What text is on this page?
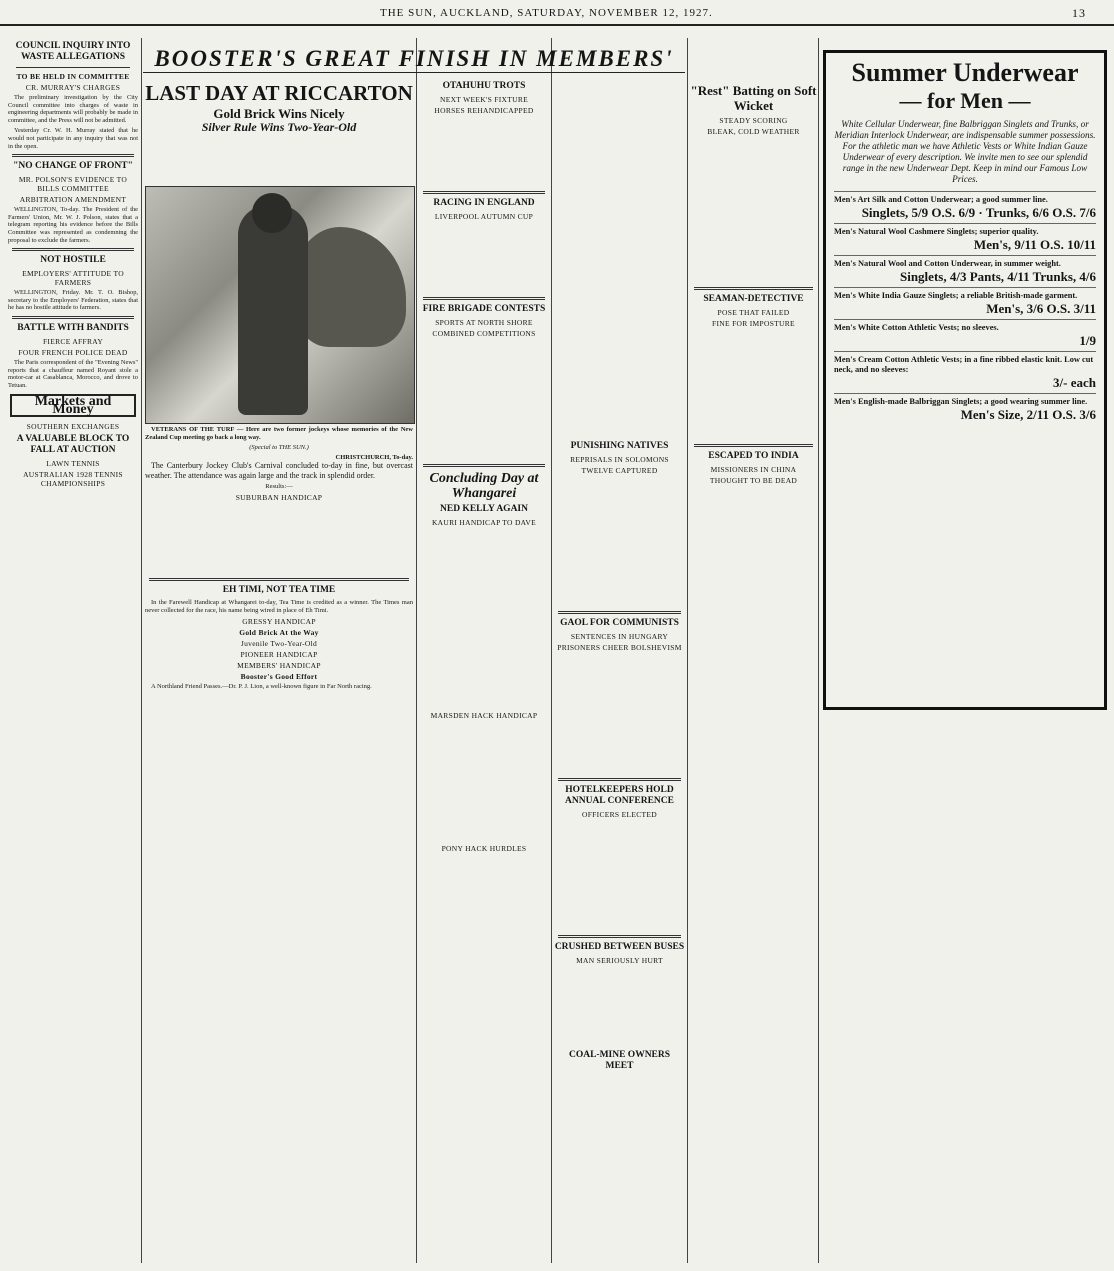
THE SUN, AUCKLAND, SATURDAY, NOVEMBER 12, 1927.	13
COUNCIL INQUIRY INTO WASTE ALLEGATIONS
TO BE HELD IN COMMITTEE
CR. MURRAY'S CHARGES

The preliminary investigation by the City Council committee into charges of waste in engineering departments will probably be made in committee, and the Press will not be admitted.

Yesterday Cr. W. H. Murray stated that he would not participate in any inquiry that was not in the open.

"NO CHANGE OF FRONT"
MR. POLSON'S EVIDENCE TO BILLS COMMITTEE
ARBITRATION AMENDMENT

WELLINGTON, To-day. The President of the Farmers' Union, Mr. W. J. Polson, states that a telegram reporting his evidence before the Bills Committee was represented as condemning the proposal to exclude the farmers.

NOT HOSTILE
EMPLOYERS' ATTITUDE TO FARMERS

WELLINGTON, Friday. Mr. T. O. Bishop, secretary to the Employers' Federation, states that he has no hostile attitude to farmers.

BATTLE WITH BANDITS
FIERCE AFFRAY
FOUR FRENCH POLICE DEAD

The Paris correspondent of the "Evening News" reports that a chauffeur named Royant stole a motor-car at Casablanca, Morocco, and drove to Tetuan.

Markets and Money
SOUTHERN EXCHANGES
A VALUABLE BLOCK TO FALL AT AUCTION
LAWN TENNIS
AUSTRALIAN 1928 TENNIS CHAMPIONSHIPS
BOOSTER'S GREAT FINISH IN MEMBERS'
LAST DAY AT RICCARTON
Gold Brick Wins Nicely
Silver Rule Wins Two-Year-Old

VETERANS OF THE TURF — Here are two former jockeys whose memories of the New Zealand Cup meeting go back a long way.

(Special to THE SUN.)
CHRISTCHURCH, To-day.

The Canterbury Jockey Club's Carnival concluded to-day in fine, but overcast weather. The attendance was again large and the track in splendid order.

Results:—
SUBURBAN HANDICAP
EH TIMI, NOT TEA TIME

In the Farewell Handicap at Whangarei to-day, Tea Time is credited as a winner. The Times man never collected for the race, his name being wired in place of Eh Timi.

GRESSY HANDICAP
Gold Brick At the Way
Juvenile Two-Year-Old
PIONEER HANDICAP
MEMBERS' HANDICAP
Booster's Good Effort

A Northland Friend Passes.—Dr. P. J. Lion, a well-known figure in Far North racing.

OTAHUHU TROTS
NEXT WEEK'S FIXTURE
HORSES REHANDICAPPED
RACING IN ENGLAND
LIVERPOOL AUTUMN CUP
FIRE BRIGADE CONTESTS
SPORTS AT NORTH SHORE
COMBINED COMPETITIONS
Concluding Day at Whangarei
NED KELLY AGAIN
KAURI HANDICAP TO DAVE
MARSDEN HACK HANDICAP
PONY HACK HURDLES
PUNISHING NATIVES
REPRISALS IN SOLOMONS
TWELVE CAPTURED
GAOL FOR COMMUNISTS
SENTENCES IN HUNGARY
PRISONERS CHEER BOLSHEVISM
HOTELKEEPERS HOLD ANNUAL CONFERENCE
OFFICERS ELECTED
CRUSHED BETWEEN BUSES
MAN SERIOUSLY HURT
COAL-MINE OWNERS MEET
"Rest" Batting on Soft Wicket
STEADY SCORING
BLEAK, COLD WEATHER
SEAMAN-DETECTIVE
POSE THAT FAILED
FINE FOR IMPOSTURE
ESCAPED TO INDIA
MISSIONERS IN CHINA
THOUGHT TO BE DEAD
Summer Underwear
— for Men —
White Cellular Underwear, fine Balbriggan Singlets and Trunks, or Meridian Interlock Underwear, are indispensable summer possessions. For the athletic man we have Athletic Vests or White Indian Gauze Underwear of every description. We invite men to see our splendid range in the new Underwear Dept. Keep in mind our Famous Low Prices.
Men's Art Silk and Cotton Underwear; a good summer line.
Singlets, 5/9 O.S. 6/9 · Trunks, 6/6 O.S. 7/6
Men's Natural Wool Cashmere Singlets; superior quality.
Men's, 9/11 O.S. 10/11
Men's Natural Wool and Cotton Underwear, in summer weight.
Singlets, 4/3 Pants, 4/11 Trunks, 4/6
Men's White India Gauze Singlets; a reliable British-made garment.
Men's, 3/6 O.S. 3/11
Men's White Cotton Athletic Vests; no sleeves.
1/9
Men's Cream Cotton Athletic Vests; in a fine ribbed elastic knit. Low cut neck, and no sleeves:
3/- each
Men's English-made Balbriggan Singlets; a good wearing summer line.
Men's Size, 2/11 O.S. 3/6
